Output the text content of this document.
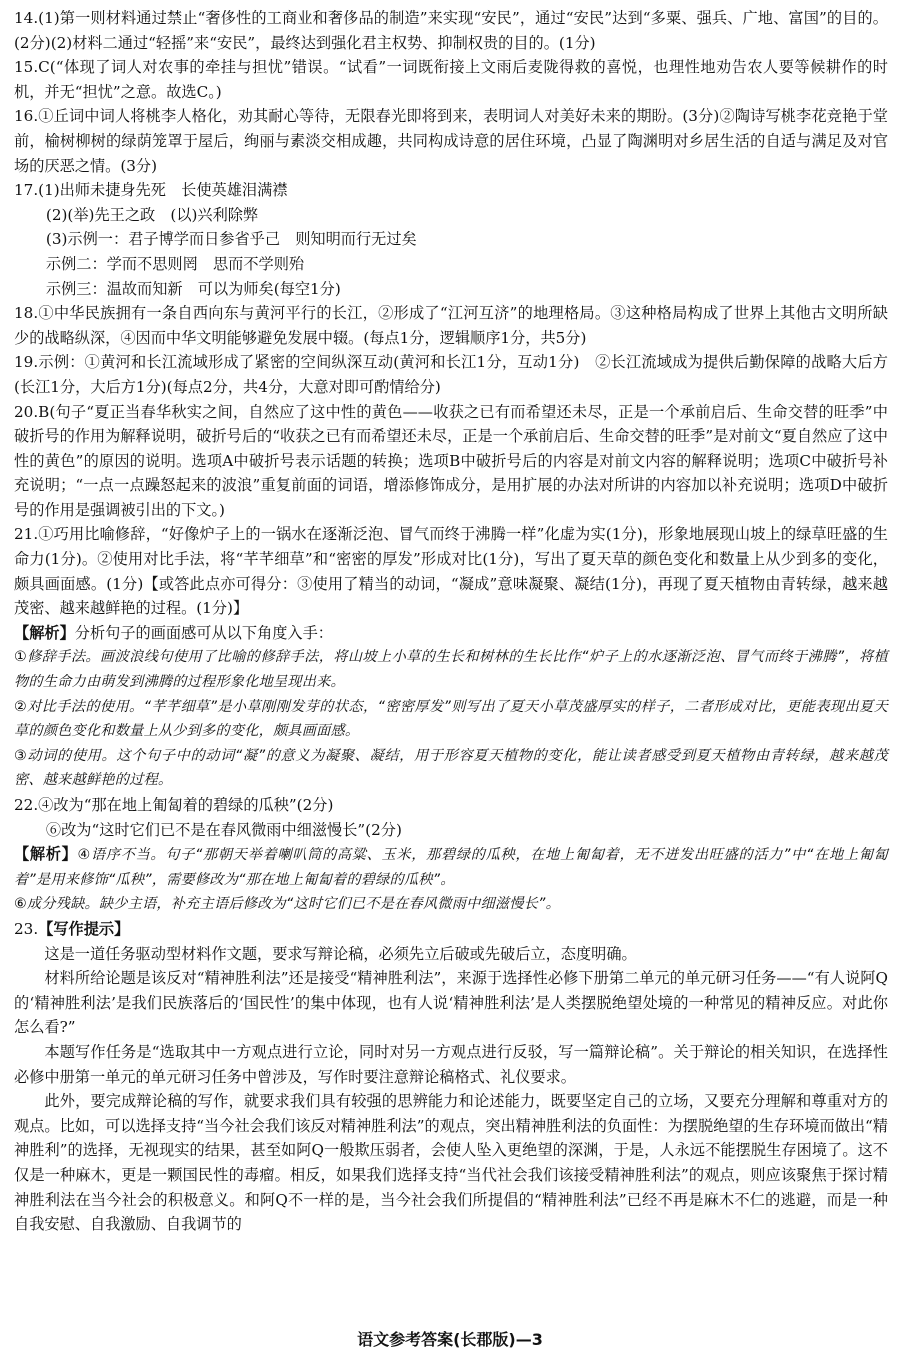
14.(1)第一则材料通过禁止“奢侈性的工商业和奢侈品的制造”来实现“安民”，通过“安民”达到“多粟、强兵、广地、富国”的目的。(2分)(2)材料二通过“轻摇”来“安民”，最终达到强化君主权势、抑制权贵的目的。(1分)

15.C(“体现了词人对农事的牵挂与担忧”错误。“试看”一词既衔接上文雨后麦陇得救的喜悦，也理性地劝告农人要等候耕作的时机，并无“担忧”之意。故选C。)

16.①丘词中词人将桃李人格化，劝其耐心等待，无限春光即将到来，表明词人对美好未来的期盼。(3分)②陶诗写桃李花竞艳于堂前，榆树柳树的绿荫笼罩于屋后，绚丽与素淡交相成趣，共同构成诗意的居住环境，凸显了陶渊明对乡居生活的自适与满足及对官场的厌恶之情。(3分)

17.(1)出师未捷身先死　长使英雄泪满襟

(2)(举)先王之政　(以)兴利除弊

(3)示例一：君子博学而日参省乎己　则知明而行无过矣

示例二：学而不思则罔　思而不学则殆

示例三：温故而知新　可以为师矣(每空1分)

18.①中华民族拥有一条自西向东与黄河平行的长江，②形成了“江河互济”的地理格局。③这种格局构成了世界上其他古文明所缺少的战略纵深，④因而中华文明能够避免发展中辍。(每点1分，逻辑顺序1分，共5分)

19.示例：①黄河和长江流域形成了紧密的空间纵深互动(黄河和长江1分，互动1分)　②长江流域成为提供后勤保障的战略大后方(长江1分，大后方1分)(每点2分，共4分，大意对即可酌情给分)

20.B(句子“夏正当春华秋实之间，自然应了这中性的黄色——收获之已有而希望还未尽，正是一个承前启后、生命交替的旺季”中破折号的作用为解释说明，破折号后的“收获之已有而希望还未尽，正是一个承前启后、生命交替的旺季”是对前文“夏自然应了这中性的黄色”的原因的说明。选项A中破折号表示话题的转换；选项B中破折号后的内容是对前文内容的解释说明；选项C中破折号补充说明；“一点一点躁怒起来的波浪”重复前面的词语，增添修饰成分，是用扩展的办法对所讲的内容加以补充说明；选项D中破折号的作用是强调被引出的下文。)

21.①巧用比喻修辞，“好像炉子上的一锅水在逐渐泛泡、冒气而终于沸腾一样”化虚为实(1分)，形象地展现山坡上的绿草旺盛的生命力(1分)。②使用对比手法，将“芊芊细草”和“密密的厚发”形成对比(1分)，写出了夏天草的颜色变化和数量上从少到多的变化，颇具画面感。(1分)【或答此点亦可得分：③使用了精当的动词，“凝成”意味凝聚、凝结(1分)，再现了夏天植物由青转绿，越来越茂密、越来越鲜艳的过程。(1分)】

【解析】分析句子的画面感可从以下角度入手：

①修辞手法。画波浪线句使用了比喻的修辞手法，将山坡上小草的生长和树林的生长比作“炉子上的水逐渐泛泡、冒气而终于沸腾”，将植物的生命力由萌发到沸腾的过程形象化地呈现出来。

②对比手法的使用。“芊芊细草”是小草刚刚发芽的状态，“密密厚发”则写出了夏天小草茂盛厚实的样子，二者形成对比，更能表现出夏天草的颜色变化和数量上从少到多的变化，颇具画面感。

③动词的使用。这个句子中的动词“凝”的意义为凝聚、凝结，用于形容夏天植物的变化，能让读者感受到夏天植物由青转绿，越来越茂密、越来越鲜艳的过程。

22.④改为“那在地上匍匐着的碧绿的瓜秧”(2分)

⑥改为“这时它们已不是在春风微雨中细滋慢长”(2分)

【解析】④语序不当。句子“那朝天举着喇叭筒的高粱、玉米，那碧绿的瓜秧，在地上匍匐着，无不迸发出旺盛的活力”中“在地上匍匐着”是用来修饰“瓜秧”，需要修改为“那在地上匍匐着的碧绿的瓜秧”。

⑥成分残缺。缺少主语，补充主语后修改为“这时它们已不是在春风微雨中细滋慢长”。

23.【写作提示】

这是一道任务驱动型材料作文题，要求写辩论稿，必须先立后破或先破后立，态度明确。

材料所给论题是该反对“精神胜利法”还是接受“精神胜利法”，来源于选择性必修下册第二单元的单元研习任务——“有人说阿Q的‘精神胜利法’是我们民族落后的‘国民性’的集中体现，也有人说‘精神胜利法’是人类摆脱绝望处境的一种常见的精神反应。对此你怎么看?”

本题写作任务是“选取其中一方观点进行立论，同时对另一方观点进行反驳，写一篇辩论稿”。关于辩论的相关知识，在选择性必修中册第一单元的单元研习任务中曾涉及，写作时要注意辩论稿格式、礼仪要求。

此外，要完成辩论稿的写作，就要求我们具有较强的思辨能力和论述能力，既要坚定自己的立场，又要充分理解和尊重对方的观点。比如，可以选择支持“当今社会我们该反对精神胜利法”的观点，突出精神胜利法的负面性：为摆脱绝望的生存环境而做出“精神胜利”的选择，无视现实的结果，甚至如阿Q一般欺压弱者，会使人坠入更绝望的深渊，于是，人永远不能摆脱生存困境了。这不仅是一种麻木，更是一颗国民性的毒瘤。相反，如果我们选择支持“当代社会我们该接受精神胜利法”的观点，则应该聚焦于探讨精神胜利法在当今社会的积极意义。和阿Q不一样的是，当今社会我们所提倡的“精神胜利法”已经不再是麻木不仁的逃避，而是一种自我安慰、自我激励、自我调节的

语文参考答案(长郡版)—3
